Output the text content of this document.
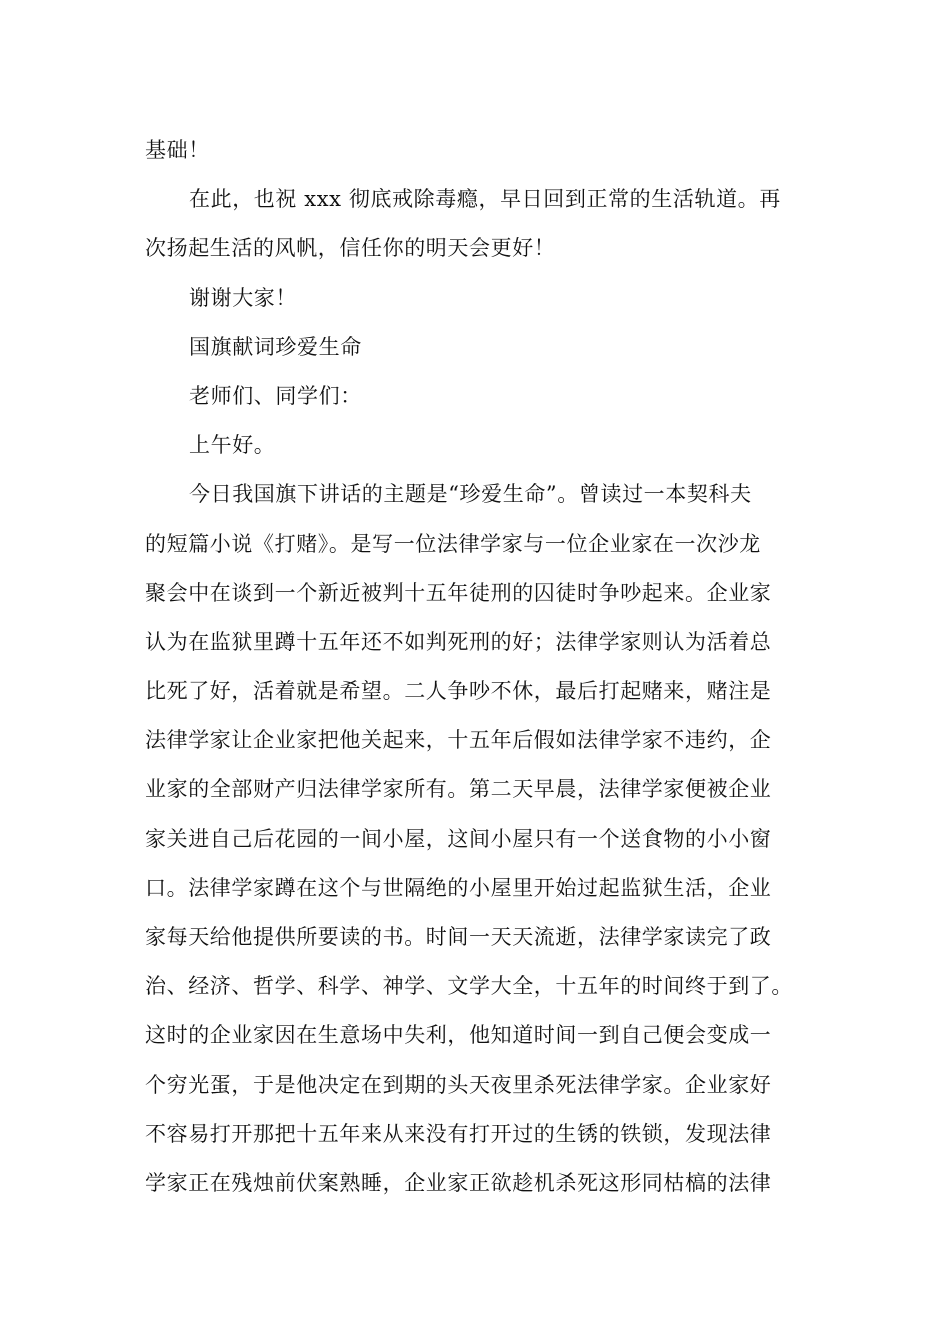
基础！
在此，也祝 xxx 彻底戒除毒瘾，早日回到正常的生活轨道。再
次扬起生活的风帆，信任你的明天会更好！
谢谢大家！
国旗献词珍爱生命
老师们、同学们：
上午好。
今日我国旗下讲话的主题是“珍爱生命”。曾读过一本契科夫
的短篇小说《打赌》。是写一位法律学家与一位企业家在一次沙龙
聚会中在谈到一个新近被判十五年徒刑的囚徒时争吵起来。企业家
认为在监狱里蹲十五年还不如判死刑的好；法律学家则认为活着总
比死了好，活着就是希望。二人争吵不休，最后打起赌来，赌注是
法律学家让企业家把他关起来，十五年后假如法律学家不违约，企
业家的全部财产归法律学家所有。第二天早晨，法律学家便被企业
家关进自己后花园的一间小屋，这间小屋只有一个送食物的小小窗
口。法律学家蹲在这个与世隔绝的小屋里开始过起监狱生活，企业
家每天给他提供所要读的书。时间一天天流逝，法律学家读完了政
治、经济、哲学、科学、神学、文学大全，十五年的时间终于到了。
这时的企业家因在生意场中失利，他知道时间一到自己便会变成一
个穷光蛋，于是他决定在到期的头天夜里杀死法律学家。企业家好
不容易打开那把十五年来从来没有打开过的生锈的铁锁，发现法律
学家正在残烛前伏案熟睡，企业家正欲趁机杀死这形同枯槁的法律
